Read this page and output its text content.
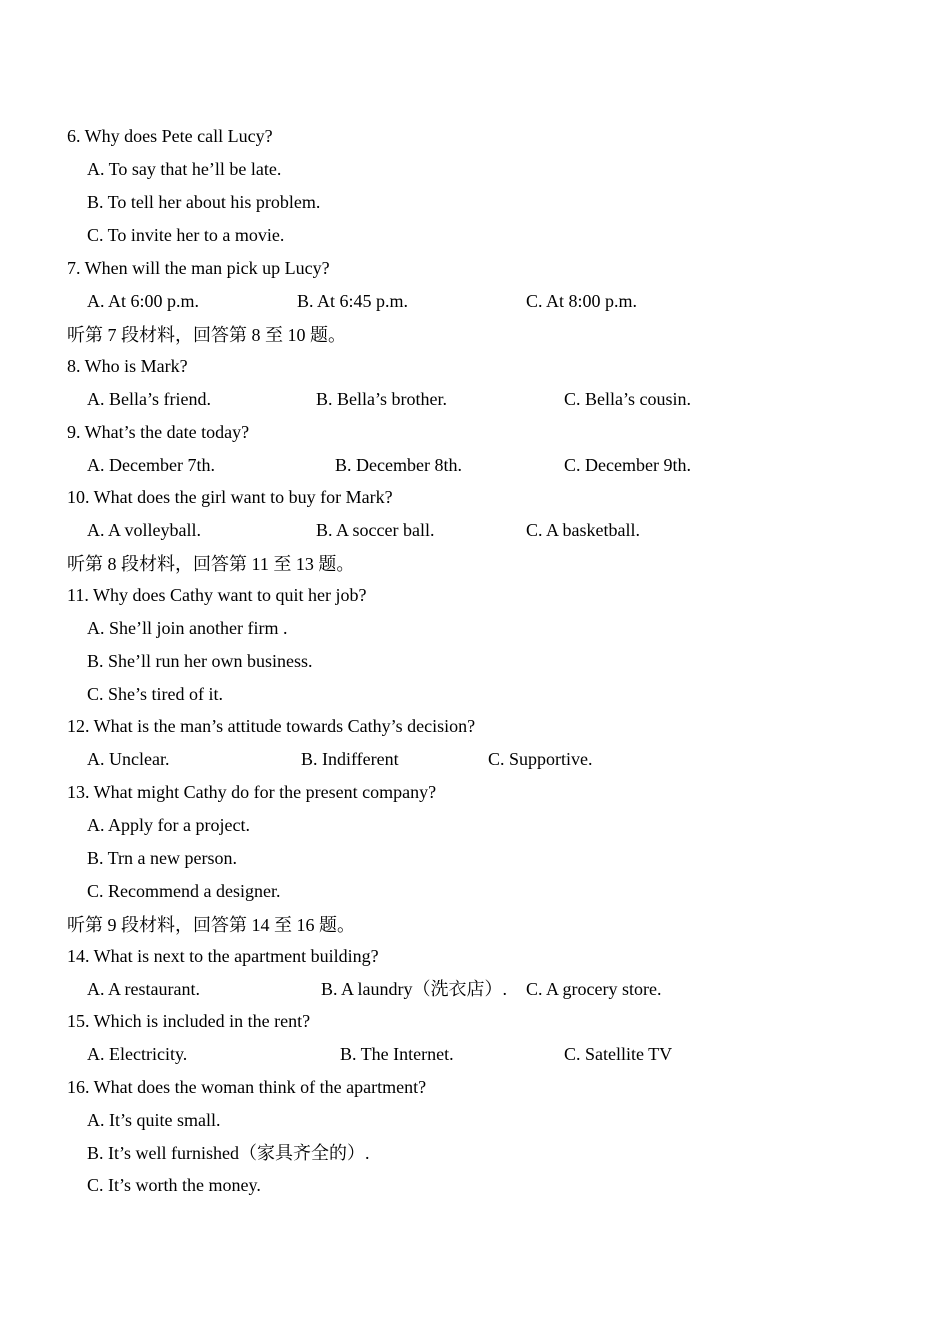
6. Why does Pete call Lucy?
A. To say that he’ll be late.
B. To tell her about his problem.
C. To invite her to a movie.
7. When will the man pick up Lucy?
A. At 6:00 p.m.	B. At 6:45 p.m.	C. At 8:00 p.m.
听第 7 段材料，回答第 8 至 10 题。
8. Who is Mark?
A. Bella’s friend.	B. Bella’s brother.	C. Bella’s cousin.
9. What’s the date today?
A. December 7th.	B. December 8th.	C. December 9th.
10. What does the girl want to buy for Mark?
A. A volleyball.	B. A soccer ball.	C. A basketball.
听第 8 段材料，回答第 11 至 13 题。
11. Why does Cathy want to quit her job?
A. She’ll join another firm .
B. She’ll run her own business.
C. She’s tired of it.
12. What is the man’s attitude towards Cathy’s decision?
A. Unclear.	B. Indifferent	C. Supportive.
13. What might Cathy do for the present company?
A. Apply for a project.
B. Trn a new person.
C. Recommend a designer.
听第 9 段材料，回答第 14 至 16 题。
14. What is next to the apartment building?
A. A restaurant.	B. A laundry（洗衣店）. C. A grocery store.
15. Which is included in the rent?
A. Electricity.	B. The Internet.	C. Satellite TV
16. What does the woman think of the apartment?
A. It’s quite small.
B. It’s well furnished（家具齐全的）.
C. It’s worth the money.
